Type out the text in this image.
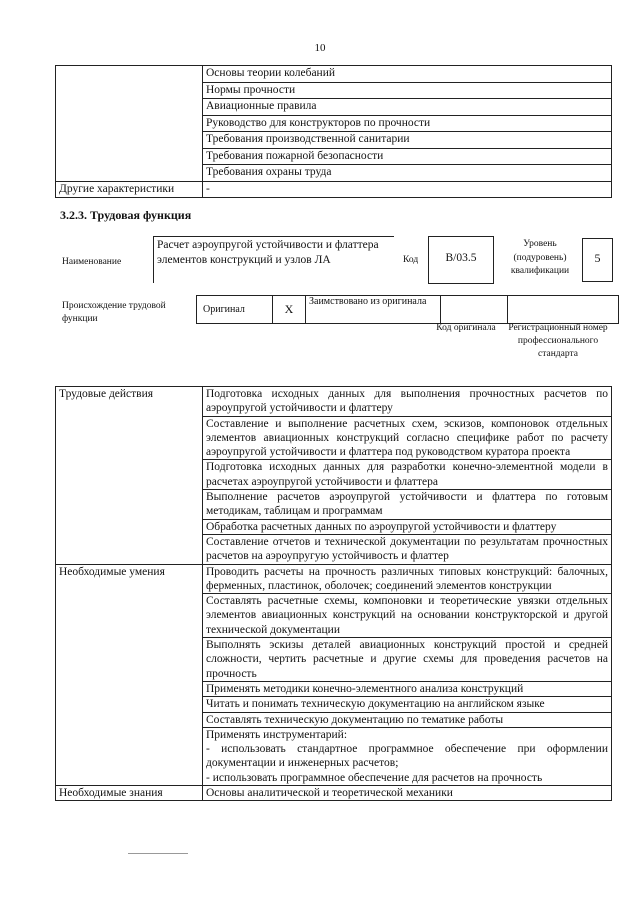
10
	Основы теории колебаний
	Нормы прочности
	Авиационные правила
	Руководство для конструкторов по прочности
	Требования производственной санитарии
	Требования пожарной безопасности
	Требования охраны труда
Другие характеристики	-
3.2.3. Трудовая функция
Наименование
Расчет аэроупругой устойчивости и флаттера элементов конструкций и узлов ЛА	Код	В/03.5
Уровень (подуровень) квалификации
5
Происхождение трудовой функции
Оригинал	X	Заимствовано из оригинала		
Код оригинала	Регистрационный номер профессионального стандарта
Трудовые действия	Подготовка исходных данных для выполнения прочностных расчетов по аэроупругой устойчивости и флаттеру
	Составление и выполнение расчетных схем, эскизов, компоновок отдельных элементов авиационных конструкций согласно специфике работ по расчету аэроупругой устойчивости и флаттера под руководством куратора проекта
	Подготовка исходных данных для разработки конечно-элементной модели в расчетах аэроупругой устойчивости и флаттера
	Выполнение расчетов аэроупругой устойчивости и флаттера по готовым методикам, таблицам и программам
	Обработка расчетных данных по аэроупругой устойчивости и флаттеру
	Составление отчетов и технической документации по результатам прочностных расчетов на аэроупругую устойчивость и флаттер
Необходимые умения	Проводить расчеты на прочность различных типовых конструкций: балочных, ферменных, пластинок, оболочек; соединений элементов конструкции
	Составлять расчетные схемы, компоновки и теоретические увязки отдельных элементов авиационных конструкций на основании конструкторской и другой технической документации
	Выполнять эскизы деталей авиационных конструкций простой и средней сложности, чертить расчетные и другие схемы для проведения расчетов на прочность
	Применять методики конечно-элементного анализа конструкций
	Читать и понимать техническую документацию на английском языке
	Составлять техническую документацию по тематике работы

	Применять инструментарий:
- использовать стандартное программное обеспечение при оформлении документации и инженерных расчетов;
- использовать программное обеспечение для расчетов на прочность

Необходимые знания	Основы аналитической и теоретической механики
